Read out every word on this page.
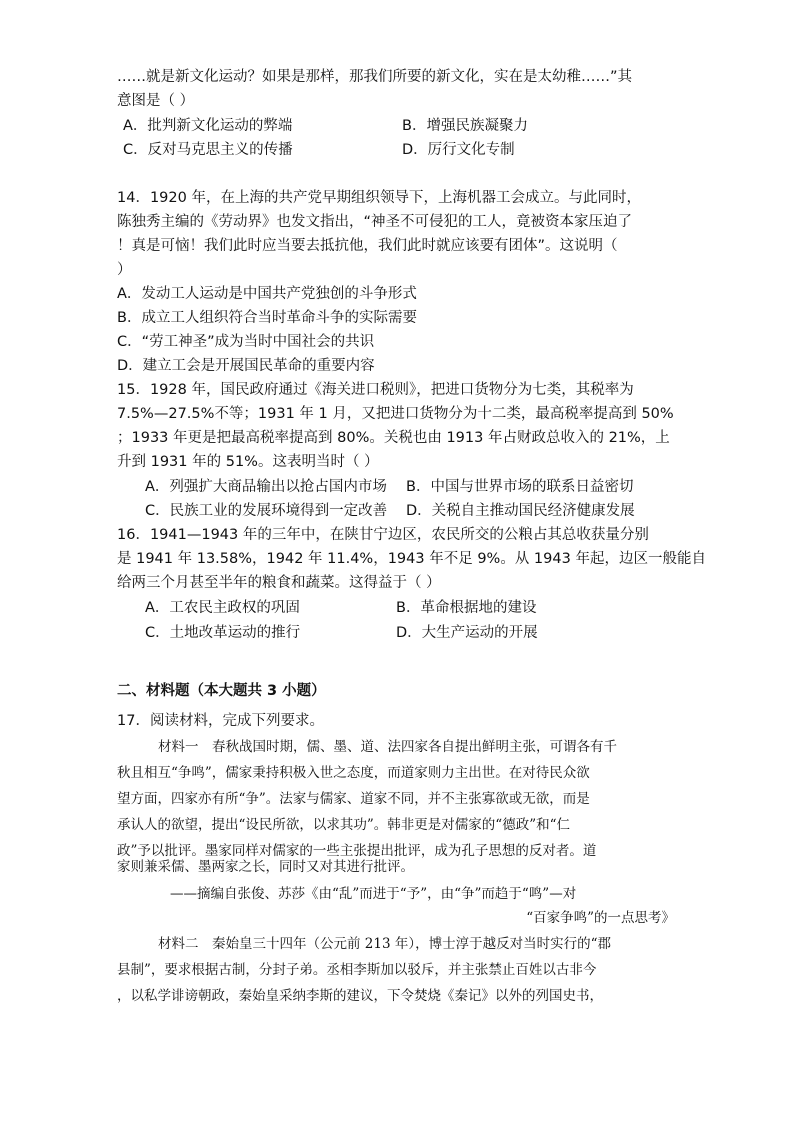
……就是新文化运动？如果是那样，那我们所要的新文化，实在是太幼稚……”其
意图是（ ）
A．批判新文化运动的弊端	B．增强民族凝聚力
C．反对马克思主义的传播	D．厉行文化专制
14．1920 年，在上海的共产党早期组织领导下，上海机器工会成立。与此同时，
陈独秀主编的《劳动界》也发文指出，“神圣不可侵犯的工人，竟被资本家压迫了
！真是可恼！我们此时应当要去抵抗他，我们此时就应该要有团体”。这说明（
）
A．发动工人运动是中国共产党独创的斗争形式
B．成立工人组织符合当时革命斗争的实际需要
C．“劳工神圣”成为当时中国社会的共识
D．建立工会是开展国民革命的重要内容
15．1928 年，国民政府通过《海关进口税则》，把进口货物分为七类，其税率为
7.5%—27.5%不等；1931 年 1 月，又把进口货物分为十二类，最高税率提高到 50%
；1933 年更是把最高税率提高到 80%。关税也由 1913 年占财政总收入的 21%，上
升到 1931 年的 51%。这表明当时（ ）
A．列强扩大商品输出以抢占国内市场 B．中国与世界市场的联系日益密切
C．民族工业的发展环境得到一定改善 D．关税自主推动国民经济健康发展
16．1941—1943 年的三年中，在陕甘宁边区，农民所交的公粮占其总收获量分别
是 1941 年 13.58%，1942 年 11.4%，1943 年不足 9%。从 1943 年起，边区一般能自
给两三个月甚至半年的粮食和蔬菜。这得益于（ ）
A．工农民主政权的巩固	B．革命根据地的建设
C．土地改革运动的推行	D．大生产运动的开展
二、材料题（本大题共 3 小题）
17．阅读材料，完成下列要求。
材料一　春秋战国时期，儒、墨、道、法四家各自提出鲜明主张，可谓各有千
秋且相互“争鸣”，儒家秉持积极入世之态度，而道家则力主出世。在对待民众欲
望方面，四家亦有所“争”。法家与儒家、道家不同，并不主张寡欲或无欲，而是
承认人的欲望，提出“设民所欲，以求其功”。韩非更是对儒家的“德政”和“仁
政”予以批评。墨家同样对儒家的一些主张提出批评，成为孔子思想的反对者。道
家则兼采儒、墨两家之长，同时又对其进行批评。
——摘编自张俊、苏莎《由“乱”而进于“予”，由“争”而趋于“鸣”—对
“百家争鸣”的一点思考》
材料二　秦始皇三十四年（公元前 213 年），博士淳于越反对当时实行的“郡
县制”，要求根据古制，分封子弟。丞相李斯加以驳斥，并主张禁止百姓以古非今
，以私学诽谤朝政，秦始皇采纳李斯的建议，下令焚烧《秦记》以外的列国史书，
